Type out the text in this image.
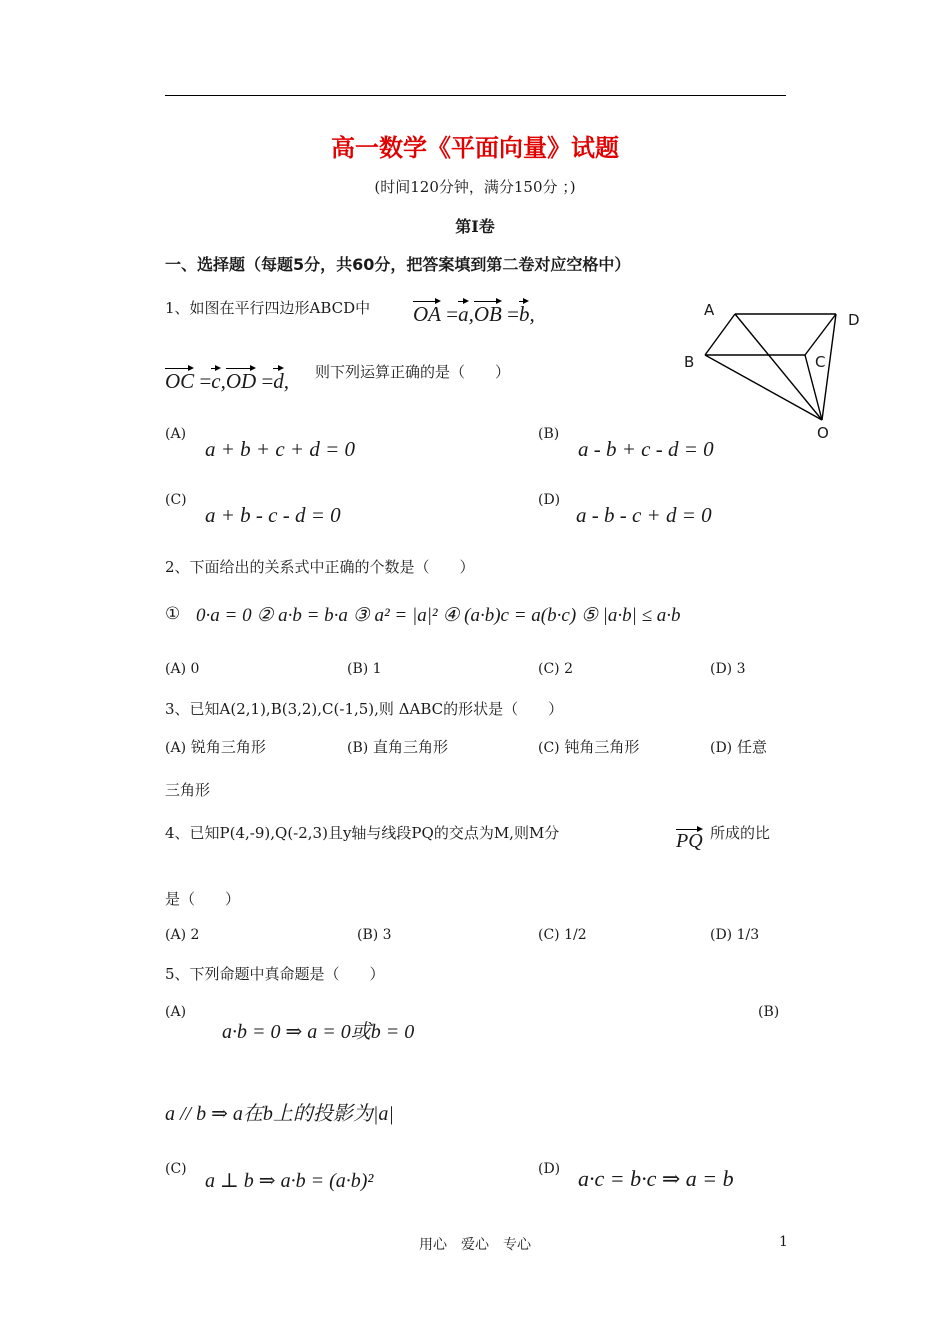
高一数学《平面向量》试题
(时间120分钟，满分150分 ；)
第Ⅰ卷
一、选择题（每题5分，共60分，把答案填到第二卷对应空格中）
1、如图在平行四边形ABCD中 OA =a,OB =b,
OC =c,OD =d, 则下列运算正确的是（　　）
A
D
B	C
O
(A)
a + b + c + d = 0
(B)
a - b + c - d = 0
(C)
a + b - c - d = 0
(D)
a - b - c + d = 0
2、下面给出的关系式中正确的个数是（　　）
① 0·a = 0 ② a·b = b·a ③ a² = |a|² ④ (a·b)c = a(b·c) ⑤ |a·b| ≤ a·b
(A) 0	(B) 1	(C) 2	(D) 3
3、已知A(2,1),B(3,2),C(-1,5),则 ΔABC的形状是（　　）
(A) 锐角三角形	(B) 直角三角形	(C) 钝角三角形	(D) 任意
三角形
4、已知P(4,-9),Q(-2,3)且y轴与线段PQ的交点为M,则M分	PQ 所成的比
是（　　）
(A) 2	(B) 3	(C) 1/2	(D) 1/3
5、下列命题中真命题是（　　）
(A)
a·b = 0 ⇒ a = 0或b = 0
(B)
a // b ⇒ a在b上的投影为|a|
(C)
a ⊥ b ⇒ a·b = (a·b)²
(D) a·c = b·c ⇒ a = b
用心　爱心　专心	1
